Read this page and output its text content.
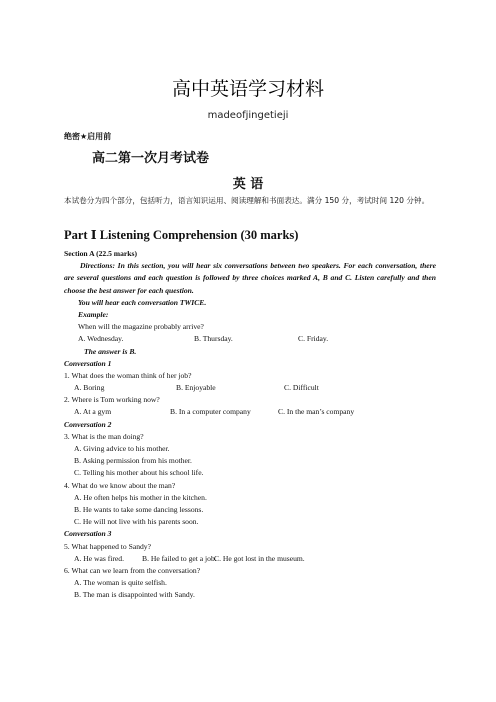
高中英语学习材料
madeofjingetieji
绝密★启用前
高二第一次月考试卷
英 语
本试卷分为四个部分，包括听力，语言知识运用、阅读理解和书面表达。满分 150 分，考试时间 120 分钟。
Part Ⅰ Listening Comprehension (30 marks)
Section A (22.5 marks)
Directions: In this section, you will hear six conversations between two speakers. For each conversation, there are several questions and each question is followed by three choices marked A, B and C. Listen carefully and then choose the best answer for each question.
You will hear each conversation TWICE.
Example:
When will the magazine probably arrive?
A. Wednesday.	B. Thursday.	C. Friday.
The answer is B.
Conversation 1
1. What does the woman think of her job?
A. Boring	B. Enjoyable	C. Difficult
2. Where is Tom working now?
A. At a gym	B. In a computer company	C. In the man’s company
Conversation 2
3. What is the man doing?
A. Giving advice to his mother.
B. Asking permission from his mother.
C. Telling his mother about his school life.
4. What do we know about the man?
A. He often helps his mother in the kitchen.
B. He wants to take some dancing lessons.
C. He will not live with his parents soon.
Conversation 3
5. What happened to Sandy?
A. He was fired. B. He failed to get a job.C. He got lost in the museum.
6. What can we learn from the conversation?
A. The woman is quite selfish.
B. The man is disappointed with Sandy.
